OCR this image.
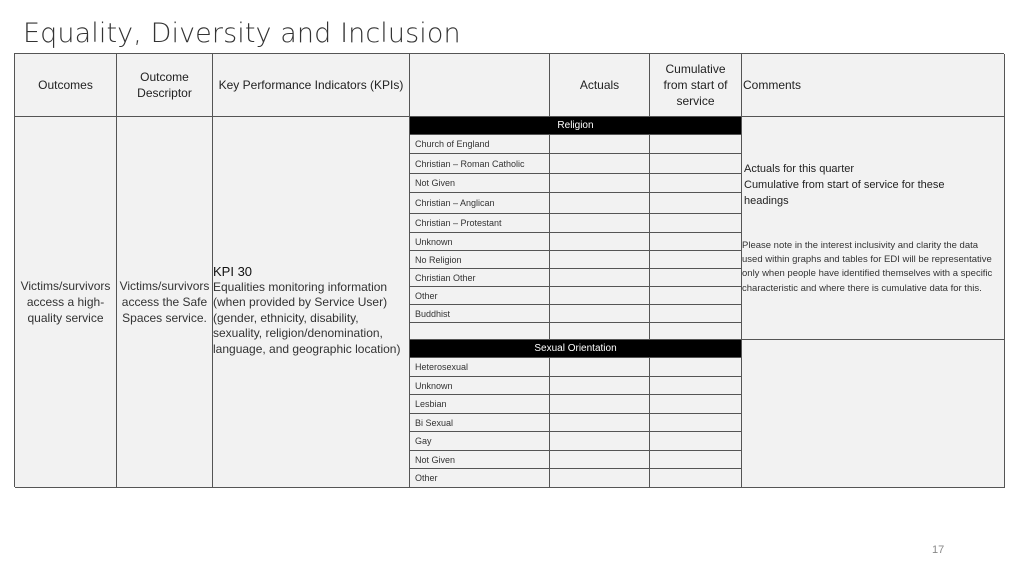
Equality, Diversity and Inclusion
Outcomes
Outcome Descriptor
Key Performance Indicators (KPIs)	Actuals
Cumulative from start of service
Comments
Victims/survivors access a high-quality service
Victims/survivors access the Safe Spaces service.
KPI 30
Equalities monitoring information (when provided by Service User) (gender, ethnicity, disability, sexuality, religion/denomination, language, and geographic location)
Religion
Church of England
Christian – Roman Catholic
Not Given
Christian – Anglican
Christian – Protestant
Unknown
No Religion
Christian Other
Other
Buddhist
Sexual Orientation
Heterosexual
Unknown
Lesbian
Bi Sexual
Gay
Not Given
Other
Actuals for this quarter
Cumulative from start of service for these headings
Please note in the interest inclusivity and clarity the data used within graphs and tables for EDI will be representative only when people have identified themselves with a specific characteristic and where there is cumulative data for this.
17
